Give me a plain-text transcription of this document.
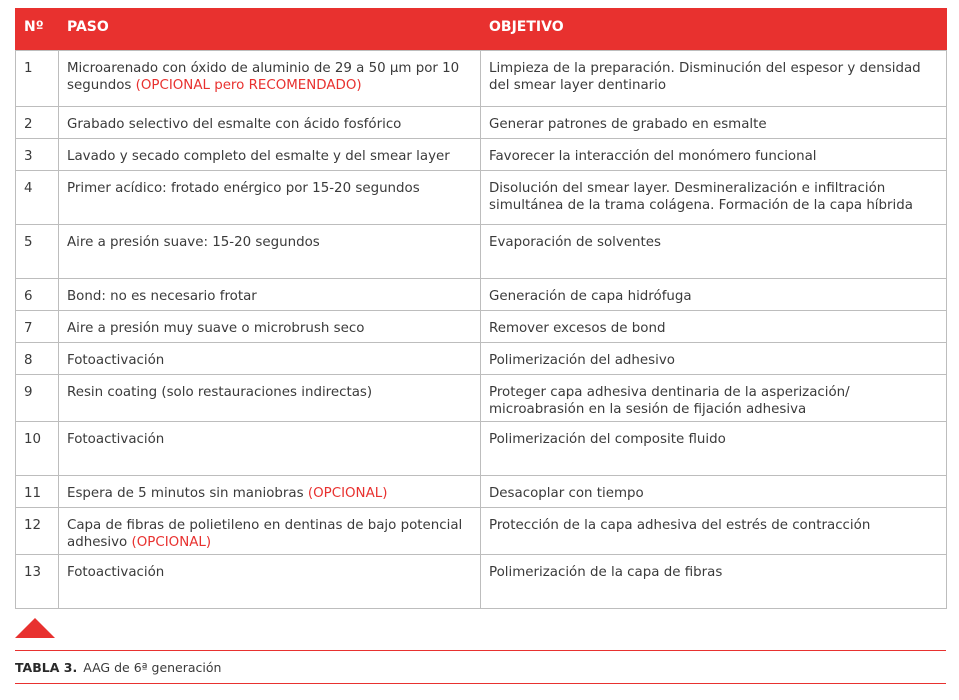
Nº	PASO	OBJETIVO
1	Microarenado con óxido de aluminio de 29 a 50 µm por 10 segundos (OPCIONAL pero RECOMENDADO)	Limpieza de la preparación. Disminución del espesor y densidad del smear layer dentinario
2	Grabado selectivo del esmalte con ácido fosfórico	Generar patrones de grabado en esmalte
3	Lavado y secado completo del esmalte y del smear layer	Favorecer la interacción del monómero funcional
4	Primer acídico: frotado enérgico por 15-20 segundos	Disolución del smear layer. Desmineralización e infiltración simultánea de la trama colágena. Formación de la capa híbrida
5	Aire a presión suave: 15-20 segundos	Evaporación de solventes
6	Bond: no es necesario frotar	Generación de capa hidrófuga
7	Aire a presión muy suave o microbrush seco	Remover excesos de bond
8	Fotoactivación	Polimerización del adhesivo
9	Resin coating (solo restauraciones indirectas)	Proteger capa adhesiva dentinaria de la asperización/ microabrasión en la sesión de fijación adhesiva
10	Fotoactivación	Polimerización del composite fluido
11	Espera de 5 minutos sin maniobras (OPCIONAL)	Desacoplar con tiempo
12	Capa de fibras de polietileno en dentinas de bajo potencial adhesivo (OPCIONAL)	Protección de la capa adhesiva del estrés de contracción
13	Fotoactivación	Polimerización de la capa de fibras
TABLA 3. AAG de 6ª generación
